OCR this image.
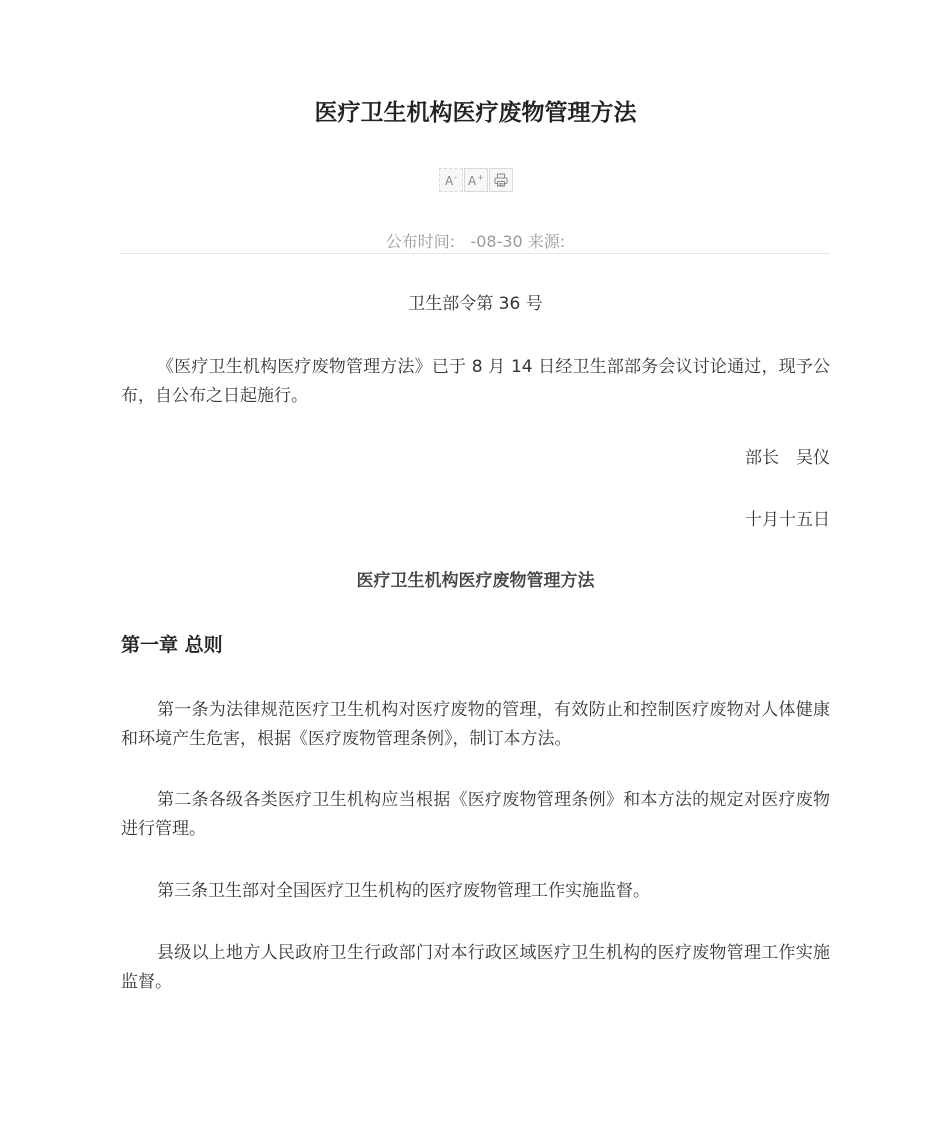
医疗卫生机构医疗废物管理方法
A- A+
公布时间: -08-30 来源:

卫生部令第 36 号

《医疗卫生机构医疗废物管理方法》已于 8 月 14 日经卫生部部务会议讨论通过，现予公布，自公布之日起施行。

部长　吴仪

十月十五日

医疗卫生机构医疗废物管理方法

第一章 总则

第一条为法律规范医疗卫生机构对医疗废物的管理，有效防止和控制医疗废物对人体健康和环境产生危害，根据《医疗废物管理条例》，制订本方法。

第二条各级各类医疗卫生机构应当根据《医疗废物管理条例》和本方法的规定对医疗废物进行管理。

第三条卫生部对全国医疗卫生机构的医疗废物管理工作实施监督。

县级以上地方人民政府卫生行政部门对本行政区域医疗卫生机构的医疗废物管理工作实施监督。
